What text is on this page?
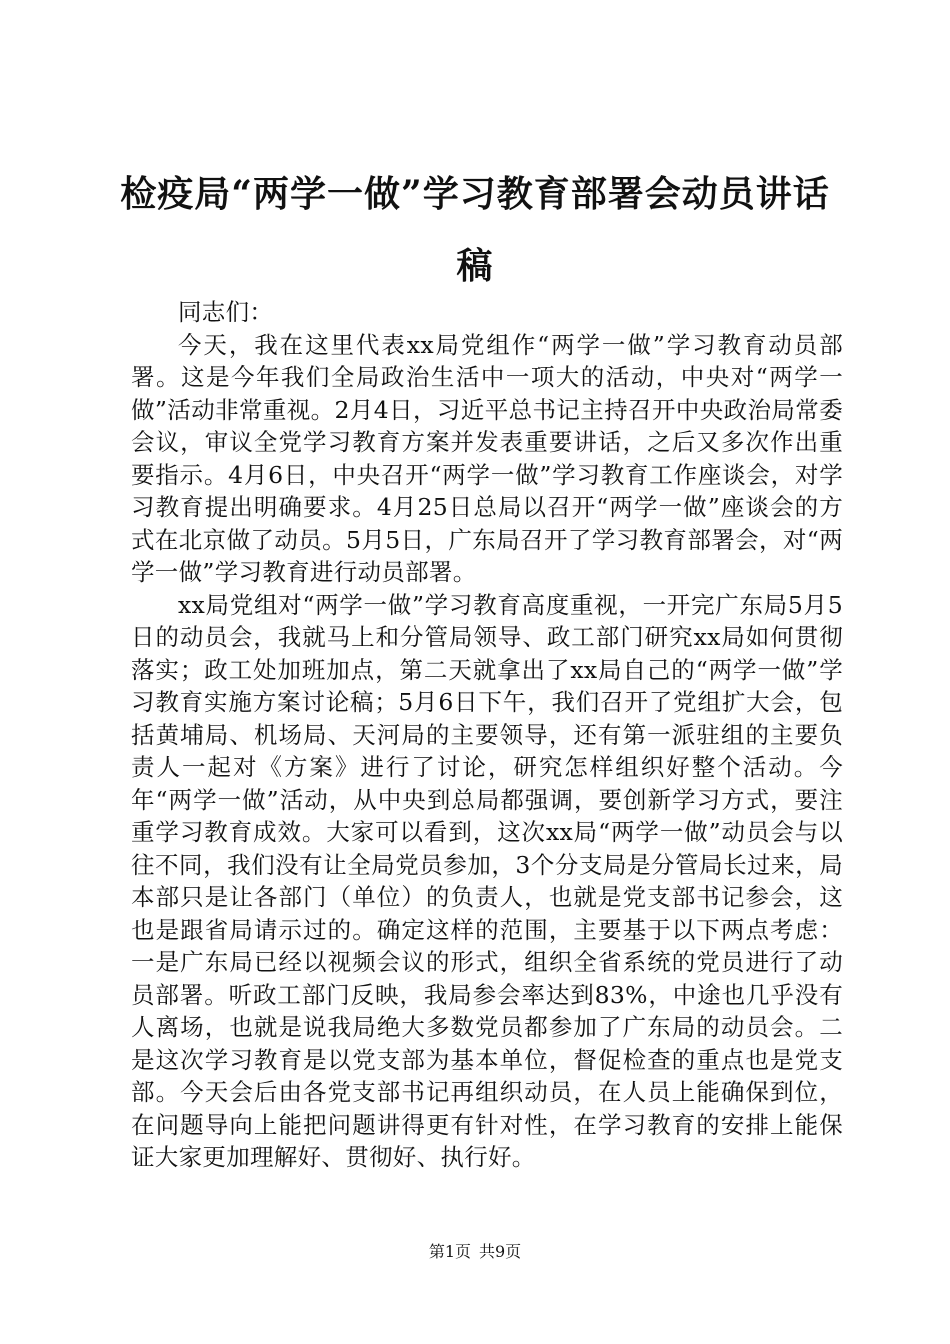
检疫局“两学一做”学习教育部署会动员讲话稿

同志们：

今天，我在这里代表xx局党组作“两学一做”学习教育动员部署。这是今年我们全局政治生活中一项大的活动，中央对“两学一做”活动非常重视。2月4日，习近平总书记主持召开中央政治局常委会议，审议全党学习教育方案并发表重要讲话，之后又多次作出重要指示。4月6日，中央召开“两学一做”学习教育工作座谈会，对学习教育提出明确要求。4月25日总局以召开“两学一做”座谈会的方式在北京做了动员。5月5日，广东局召开了学习教育部署会，对“两学一做”学习教育进行动员部署。

xx局党组对“两学一做”学习教育高度重视，一开完广东局5月5日的动员会，我就马上和分管局领导、政工部门研究xx局如何贯彻落实；政工处加班加点，第二天就拿出了xx局自己的“两学一做”学习教育实施方案讨论稿；5月6日下午，我们召开了党组扩大会，包括黄埔局、机场局、天河局的主要领导，还有第一派驻组的主要负责人一起对《方案》进行了讨论，研究怎样组织好整个活动。今年“两学一做”活动，从中央到总局都强调，要创新学习方式，要注重学习教育成效。大家可以看到，这次xx局“两学一做”动员会与以往不同，我们没有让全局党员参加，3个分支局是分管局长过来，局本部只是让各部门（单位）的负责人，也就是党支部书记参会，这也是跟省局请示过的。确定这样的范围，主要基于以下两点考虑：一是广东局已经以视频会议的形式，组织全省系统的党员进行了动员部署。听政工部门反映，我局参会率达到83%，中途也几乎没有人离场，也就是说我局绝大多数党员都参加了广东局的动员会。二是这次学习教育是以党支部为基本单位，督促检查的重点也是党支部。今天会后由各党支部书记再组织动员，在人员上能确保到位，在问题导向上能把问题讲得更有针对性，在学习教育的安排上能保证大家更加理解好、贯彻好、执行好。

第1页 共9页
